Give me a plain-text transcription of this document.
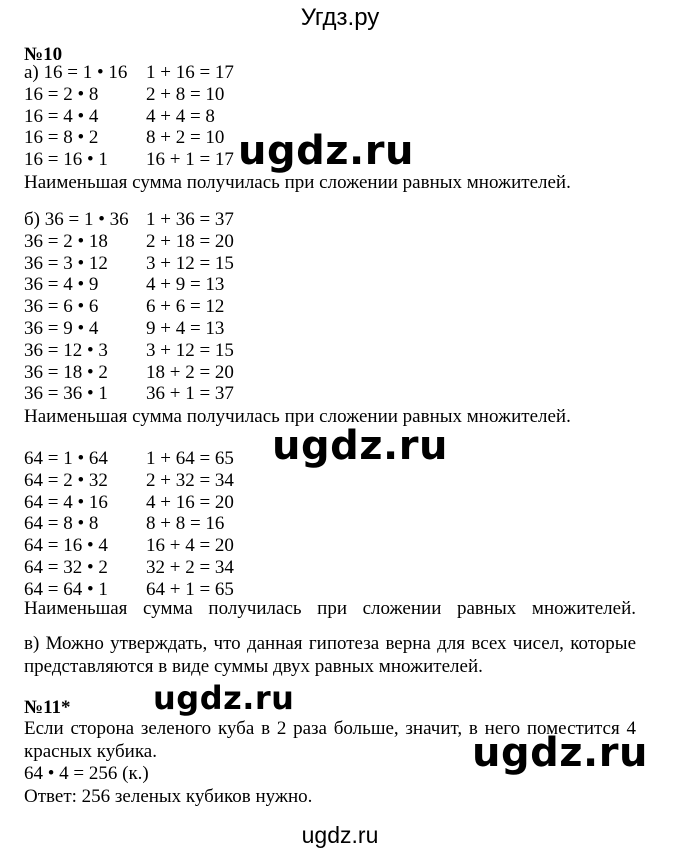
Угдз.ру
№10
а) 16 = 1 • 16 1 + 16 = 17
16 = 2 • 8	2 + 8 = 10
16 = 4 • 4	4 + 4 = 8
16 = 8 • 2	8 + 2 = 10
16 = 16 • 1 16 + 1 = 17
Наименьшая сумма получилась при сложении равных множителей.
б) 36 = 1 • 36 1 + 36 = 37
36 = 2 • 18 2 + 18 = 20
36 = 3 • 12 3 + 12 = 15
36 = 4 • 9	4 + 9 = 13
36 = 6 • 6	6 + 6 = 12
36 = 9 • 4	9 + 4 = 13
36 = 12 • 3 3 + 12 = 15
36 = 18 • 2 18 + 2 = 20
36 = 36 • 1 36 + 1 = 37
Наименьшая сумма получилась при сложении равных множителей.
64 = 1 • 64 1 + 64 = 65
64 = 2 • 32 2 + 32 = 34
64 = 4 • 16 4 + 16 = 20
64 = 8 • 8	8 + 8 = 16
64 = 16 • 4 16 + 4 = 20
64 = 32 • 2 32 + 2 = 34
64 = 64 • 1 64 + 1 = 65
Наименьшая сумма получилась при сложении равных множителей.
в) Можно утверждать, что данная гипотеза верна для всех чисел, которые
представляются в виде суммы двух равных множителей.
№11*
Если сторона зеленого куба в 2 раза больше, значит, в него поместится 4
красных кубика.
64 • 4 = 256 (к.)
Ответ: 256 зеленых кубиков нужно.
ugdz.ru
ugdz.ru
ugdz.ru
ugdz.ru
ugdz.ru
